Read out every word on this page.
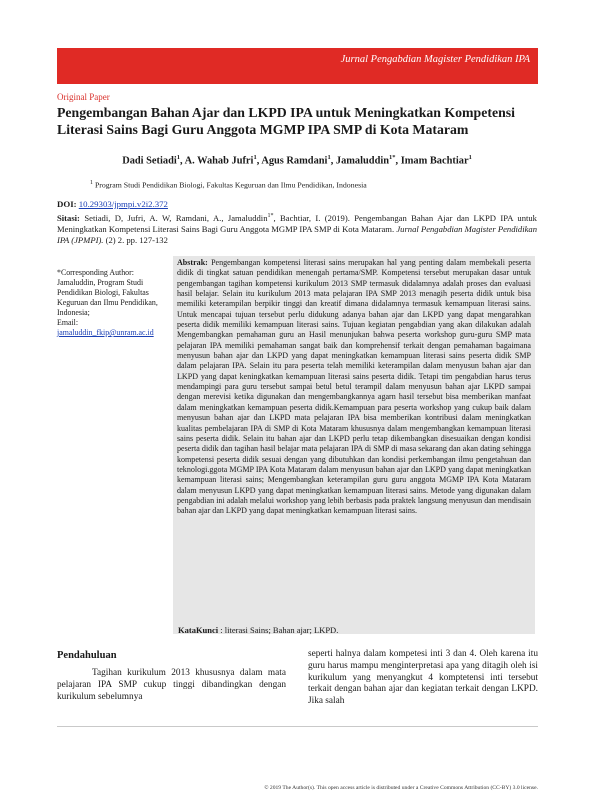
Jurnal Pengabdian Magister Pendidikan IPA
Original Paper
Pengembangan Bahan Ajar dan LKPD IPA untuk Meningkatkan Kompetensi Literasi Sains Bagi Guru Anggota MGMP IPA SMP di Kota Mataram

Dadi Setiadi$^1$, A. Wahab Jufri$^1$, Agus Ramdani$^1$, Jamaluddin$^{1*}$, Imam Bachtiar$^1$

$^1$ Program Studi Pendidikan Biologi, Fakultas Keguruan dan Ilmu Pendidikan, Indonesia

DOI: 10.29303/jpmpi.v2i2.372

Sitasi: Setiadi, D, Jufri, A. W, Ramdani, A., Jamaluddin$^{1*}$, Bachtiar, I. (2019). Pengembangan Bahan Ajar dan LKPD IPA untuk Meningkatkan Kompetensi Literasi Sains Bagi Guru Anggota MGMP IPA SMP di Kota Mataram. Jurnal Pengabdian Magister Pendidikan IPA (JPMPI). (2) 2. pp. 127-132

*Corresponding Author:
Jamaluddin, Program Studi Pendidikan Biologi, Fakultas Keguruan dan Ilmu Pendidikan, Indonesia;
Email:
jamaluddin_fkip@unram.ac.id

Abstrak: Pengembangan kompetensi literasi sains merupakan hal yang penting dalam membekali peserta didik di tingkat satuan pendidikan menengah pertama/SMP. Kompetensi tersebut merupakan dasar untuk pengembangan tagihan kompetensi kurikulum 2013 SMP termasuk didalamnya adalah proses dan evaluasi hasil belajar. Selain itu kurikulum 2013 mata pelajaran IPA SMP 2013 menagih peserta didik untuk bisa memiliki keterampilan berpikir tinggi dan kreatif dimana didalamnya termasuk kemampuan literasi sains. Untuk mencapai tujuan tersebut perlu didukung adanya bahan ajar dan LKPD yang dapat mengarahkan peserta didik memiliki kemampuan literasi sains. Tujuan kegiatan pengabdian yang akan dilakukan adalah Mengembangkan pemahaman guru an Hasil menunjukan bahwa peserta workshop guru-guru SMP mata pelajaran IPA memiliki pemahaman sangat baik dan komprehensif terkait dengan pemahaman bagaimana menyusun bahan ajar dan LKPD yang dapat meningkatkan kemampuan literasi sains peserta didik SMP dalam pelajaran IPA. Selain itu para peserta telah memiliki keterampilan dalam menyusun bahan ajar dan LKPD yang dapat keningkatkan kemampuan literasi sains peserta didik. Tetapi tim pengabdian harus terus mendampingi para guru tersebut sampai betul betul terampil dalam menyusun bahan ajar LKPD sampai dengan merevisi ketika digunakan dan mengembangkannya agarn hasil tersebut bisa memberikan manfaat dalam meningkatkan kemampuan peserta didik.Kemampuan para peserta workshop yang cukup baik dalam menyusun bahan ajar dan LKPD mata pelajaran IPA bisa memberikan kontribusi dalam meningkatkan kualitas pembelajaran IPA di SMP di Kota Mataram khususnya dalam mengembangkan kemampuan literasi sains peserta didik. Selain itu bahan ajar dan LKPD perlu tetap dikembangkan disesuaikan dengan kondisi peserta didik dan tagihan hasil belajar mata pelajaran IPA di SMP di masa sekarang dan akan dating sehingga kompetensi peserta didik sesuai dengan yang dibutuhkan dan kondisi perkembangan ilmu pengetahuan dan teknologi.ggota MGMP IPA Kota Mataram dalam menyusun bahan ajar dan LKPD yang dapat meningkatkan kemampuan literasi sains; Mengembangkan keterampilan guru guru anggota MGMP IPA Kota Mataram dalam menyusun LKPD yang dapat meningkatkan kemampuan literasi sains. Metode yang digunakan dalam pengabdian ini adalah melalui workshop yang lebih berbasis pada praktek langsung menyusun dan mendisain bahan ajar dan LKPD yang dapat meningkatkan kemampuan literasi sains.

KataKunci : literasi Sains; Bahan ajar; LKPD.

Pendahuluan

Tagihan kurikulum 2013 khususnya dalam mata pelajaran IPA SMP cukup tinggi dibandingkan dengan kurikulum sebelumnya

seperti halnya dalam kompetesi inti 3 dan 4. Oleh karena itu guru harus mampu menginterpretasi apa yang ditagih oleh isi kurikulum yang menyangkut 4 komptetensi inti tersebut terkait dengan bahan ajar dan kegiatan terkait dengan LKPD. Jika salah

© 2019 The Author(s). This open access article is distributed under a Creative Commons Attribution (CC-BY) 3.0 license.
